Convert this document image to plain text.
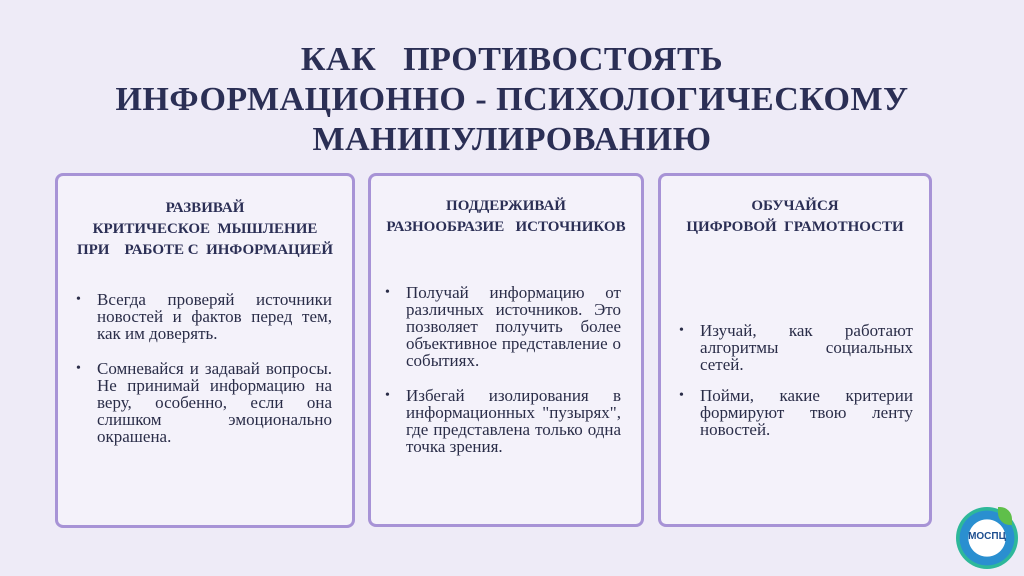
КАК   ПРОТИВОСТОЯТЬ
ИНФОРМАЦИОННО - ПСИХОЛОГИЧЕСКОМУ
МАНИПУЛИРОВАНИЮ
РАЗВИВАЙ
КРИТИЧЕСКОЕ  МЫШЛЕНИЕ
ПРИ    РАБОТЕ С  ИНФОРМАЦИЕЙ
• Всегда проверяй источники новостей и фактов перед тем, как им доверять.
• Сомневайся и задавай вопросы. Не принимай информацию на веру, особенно, если она слишком эмоционально окрашена.
ПОДДЕРЖИВАЙ
РАЗНООБРАЗИЕ   ИСТОЧНИКОВ
• Получай информацию от различных источников. Это позволяет получить более объективное представление о событиях.
• Избегай изолирования в информационных "пузырях", где представлена только одна точка зрения.
ОБУЧАЙСЯ
ЦИФРОВОЙ  ГРАМОТНОСТИ
• Изучай, как работают алгоритмы социальных сетей.
• Пойми, какие критерии формируют твою ленту новостей.
МОСПЦ
